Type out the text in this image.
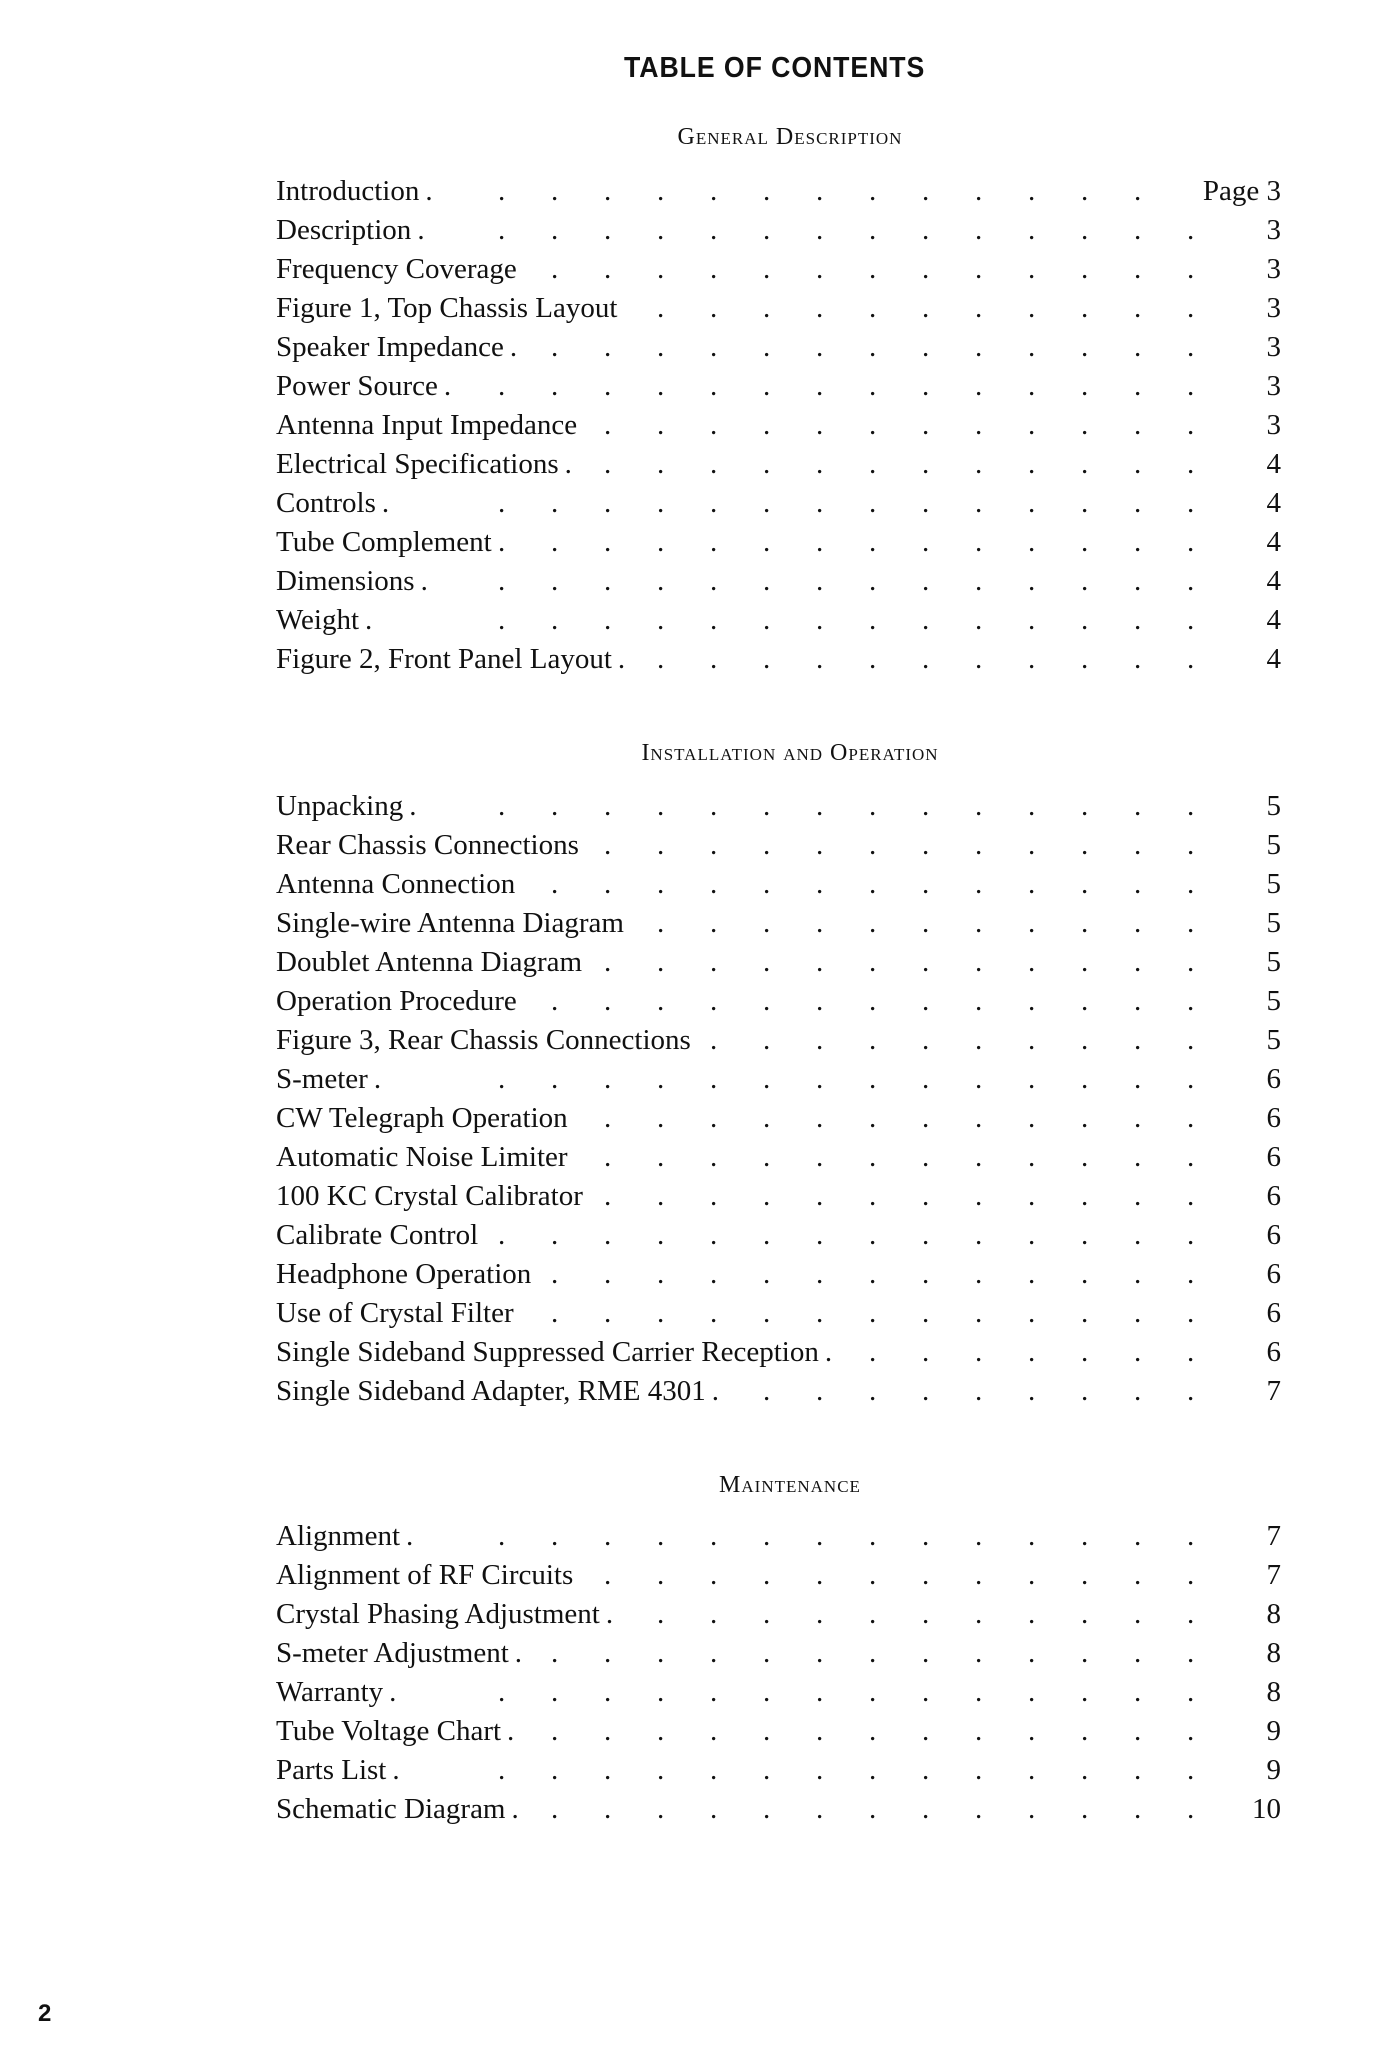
TABLE OF CONTENTS
General Description
Introduction	Page 3
. . . . . . . . . . . . . .
Description	3
.	. . . . . . . . . . . . . .
Frequency Coverage	3
. . . . . . . . . . . . .
Figure 1, Top Chassis Layout	3
. . . . . . . . . . .
Speaker Impedance	3
. . . . . . . . . . . . . .
Power Source	3
. . . . . . . . . . . . . . .
Antenna Input Impedance	3
. . . . . . . . . . . .
Electrical Specifications	4
. . . . . . . . . . . . .
Controls	4
.	. . . . . . . . . . . . . .
Tube Complement	4
. . . . . . . . . . . . . .
Dimensions	4
. . . . . . . . . . . . . . .
Weight	4
.	. . . . . . . . . . . . . .
Figure 2, Front Panel Layout	4
. . . . . . . . . . . .
Installation and Operation
Unpacking	5
.	. . . . . . . . . . . . . .
Rear Chassis Connections	5
. . . . . . . . . . . .
Antenna Connection	5
. . . . . . . . . . . . .
Single-wire Antenna Diagram	5
. . . . . . . . . . .
Doublet Antenna Diagram	5
. . . . . . . . . . . .
Operation Procedure	5
. . . . . . . . . . . . .
Figure 3, Rear Chassis Connections	5
. . . . . . . . . .
S-meter	6
.	. . . . . . . . . . . . . .
CW Telegraph Operation	6
. . . . . . . . . . . .
Automatic Noise Limiter	6
. . . . . . . . . . . .
100 KC Crystal Calibrator	6
. . . . . . . . . . . .
Calibrate Control	6
. . . . . . . . . . . . . .
Headphone Operation	6
. . . . . . . . . . . . .
Use of Crystal Filter	6
. . . . . . . . . . . . .
Single Sideband Suppressed Carrier Reception	6
. . . . . . . .
Single Sideband Adapter, RME 4301	7
. . . . . . . . . .
Maintenance
Alignment	7
.	. . . . . . . . . . . . . .
Alignment of RF Circuits	7
. . . . . . . . . . . .
Crystal Phasing Adjustment	8
. . . . . . . . . . . .
S-meter Adjustment	8
. . . . . . . . . . . . . .
Warranty	8
.	. . . . . . . . . . . . . .
Tube Voltage Chart	9
. . . . . . . . . . . . . .
Parts List	9
.	. . . . . . . . . . . . . .
Schematic Diagram	10
. . . . . . . . . . . . . .
2
